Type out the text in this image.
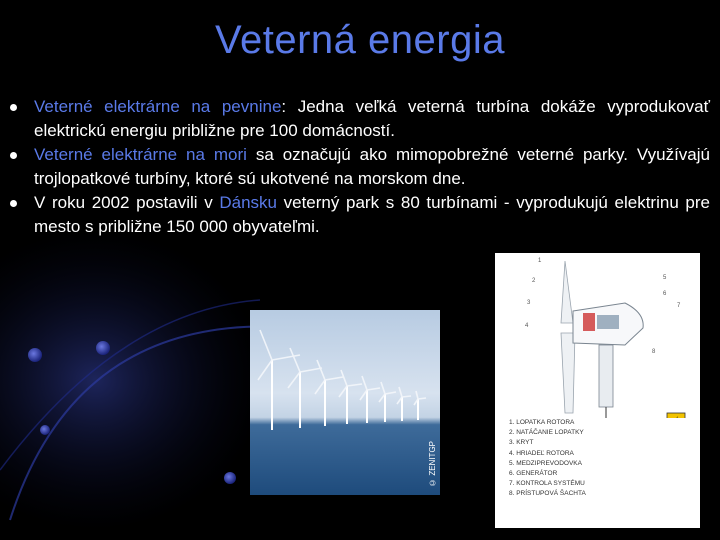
Veterná energia
Veterné elektrárne na pevnine: Jedna veľká veterná turbína dokáže vyprodukovať elektrickú energiu približne pre 100 domácností.
Veterné elektrárne na mori sa označujú ako mimopobrežné veterné parky. Využívajú trojlopatkové turbíny, ktoré sú ukotvené na morskom dne.
V roku 2002 postavili v Dánsku veterný park s 80 turbínami - vyprodukujú elektrinu pre mesto s približne 150 000 obyvateľmi.
© ZENITGP
1
2
3
4
5
6
7
8
1. LOPATKA ROTORA
2. NATÁČANIE LOPATKY
3. KRYT
4. HRIADEĽ ROTORA
5. MEDZIPREVODOVKA
6. GENERÁTOR
7. KONTROLA SYSTÉMU
8. PRÍSTUPOVÁ ŠACHTA
